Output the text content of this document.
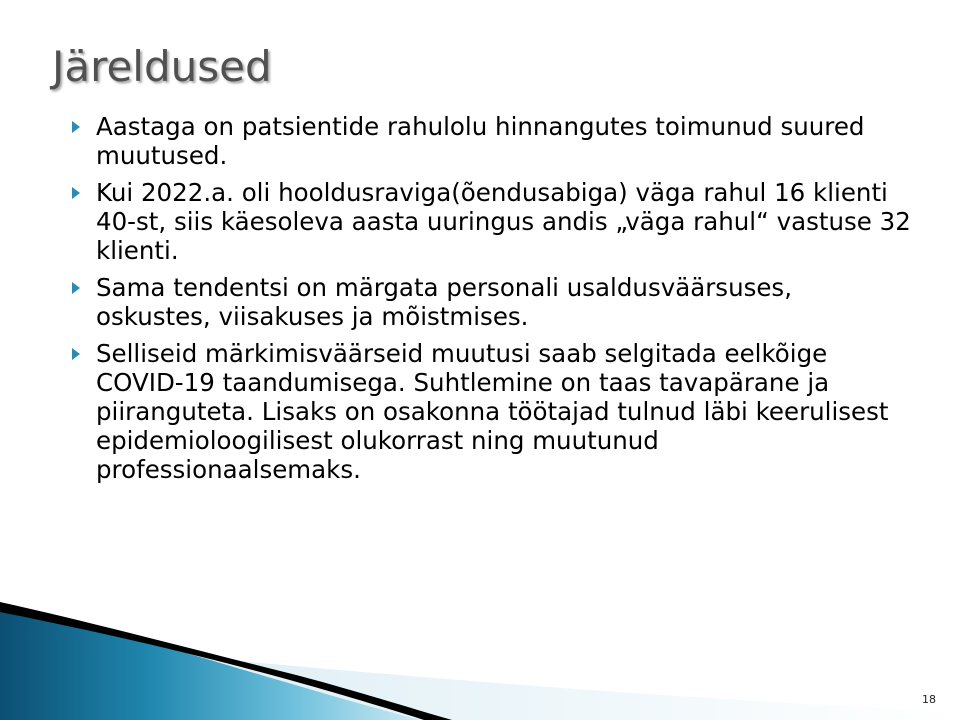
Järeldused
Aastaga on patsientide rahulolu hinnangutes toimunud suured muutused.
Kui 2022.a. oli hooldusraviga(õendusabiga) väga rahul 16 klienti 40-st, siis käesoleva aasta uuringus andis „väga rahul“ vastuse 32 klienti.
Sama tendentsi on märgata personali usaldusväärsuses, oskustes, viisakuses ja mõistmises.
Selliseid märkimisväärseid muutusi saab selgitada eelkõige COVID-19 taandumisega. Suhtlemine on taas tavapärane ja piiranguteta. Lisaks on osakonna töötajad tulnud läbi keerulisest epidemioloogilisest olukorrast ning muutunud professionaalsemaks.
18
